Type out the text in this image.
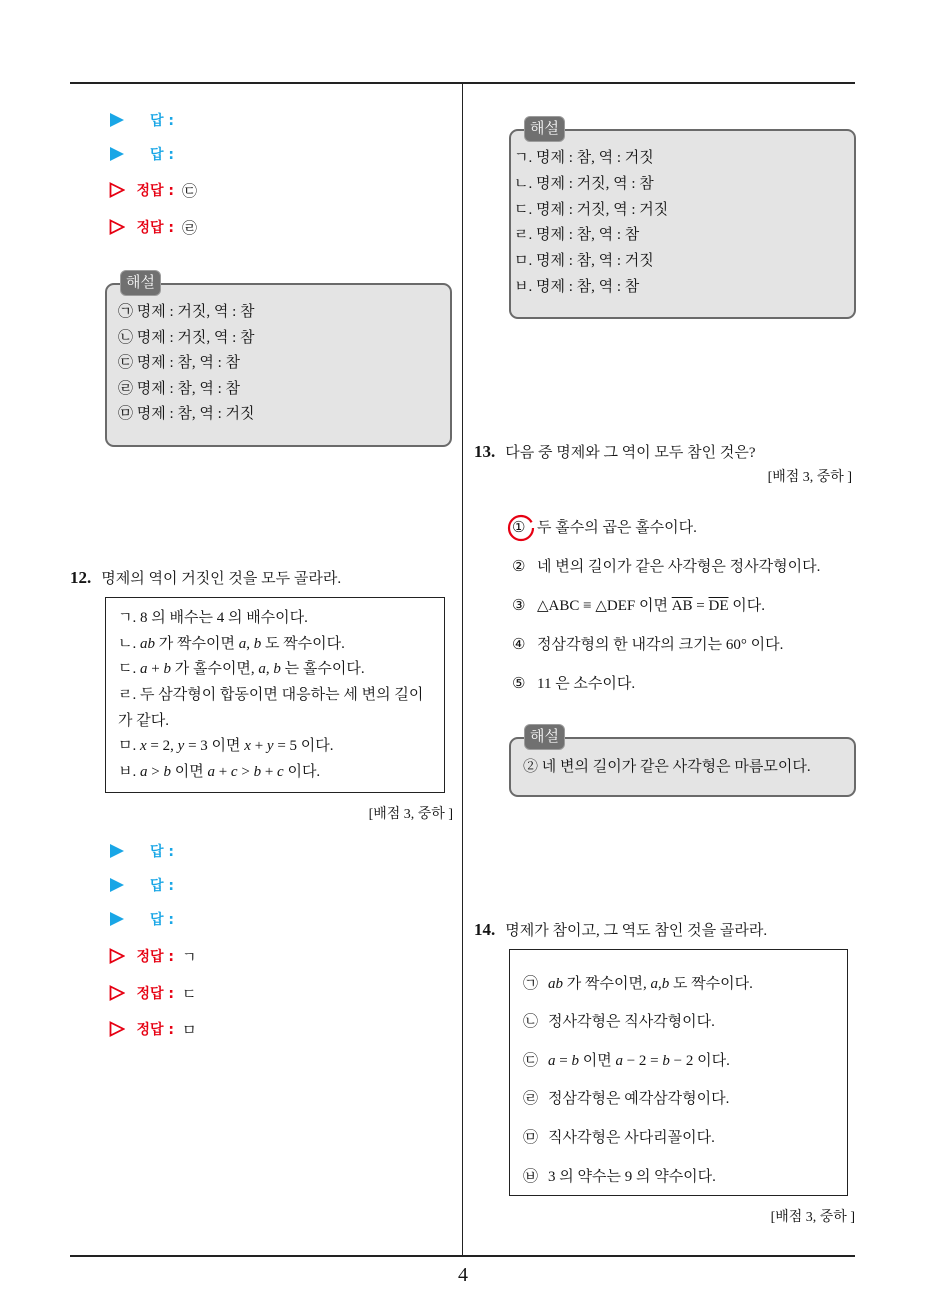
4
답 :
답 :
정답 : ㉢
정답 : ㉣
해설
㉠ 명제 : 거짓, 역 : 참
㉡ 명제 : 거짓, 역 : 참
㉢ 명제 : 참, 역 : 참
㉣ 명제 : 참, 역 : 참
㉤ 명제 : 참, 역 : 거짓
12. 명제의 역이 거짓인 것을 모두 골라라.
ㄱ. 8 의 배수는 4 의 배수이다.
ㄴ. ab 가 짝수이면 a, b 도 짝수이다.
ㄷ. a + b 가 홀수이면, a, b 는 홀수이다.
ㄹ. 두 삼각형이 합동이면 대응하는 세 변의 길이
가 같다.
ㅁ. x = 2, y = 3 이면 x + y = 5 이다.
ㅂ. a > b 이면 a + c > b + c 이다.
[배점 3, 중하 ]
답 :
답 :
답 :
정답 : ㄱ
정답 : ㄷ
정답 : ㅁ
해설
ㄱ. 명제 : 참, 역 : 거짓
ㄴ. 명제 : 거짓, 역 : 참
ㄷ. 명제 : 거짓, 역 : 거짓
ㄹ. 명제 : 참, 역 : 참
ㅁ. 명제 : 참, 역 : 거짓
ㅂ. 명제 : 참, 역 : 참
13. 다음 중 명제와 그 역이 모두 참인 것은?
[배점 3, 중하 ]
① 두 홀수의 곱은 홀수이다.
② 네 변의 길이가 같은 사각형은 정사각형이다.
③ △ABC ≡ △DEF 이면 $\overline{AB} = \overline{DE}$ 이다.
④ 정삼각형의 한 내각의 크기는 60° 이다.
⑤ 11 은 소수이다.
해설
② 네 변의 길이가 같은 사각형은 마름모이다.
14. 명제가 참이고, 그 역도 참인 것을 골라라.
㉠ ab 가 짝수이면, a,b 도 짝수이다.
㉡ 정사각형은 직사각형이다.
㉢ a = b 이면 a − 2 = b − 2 이다.
㉣ 정삼각형은 예각삼각형이다.
㉤ 직사각형은 사다리꼴이다.
㉥ 3 의 약수는 9 의 약수이다.
[배점 3, 중하 ]
